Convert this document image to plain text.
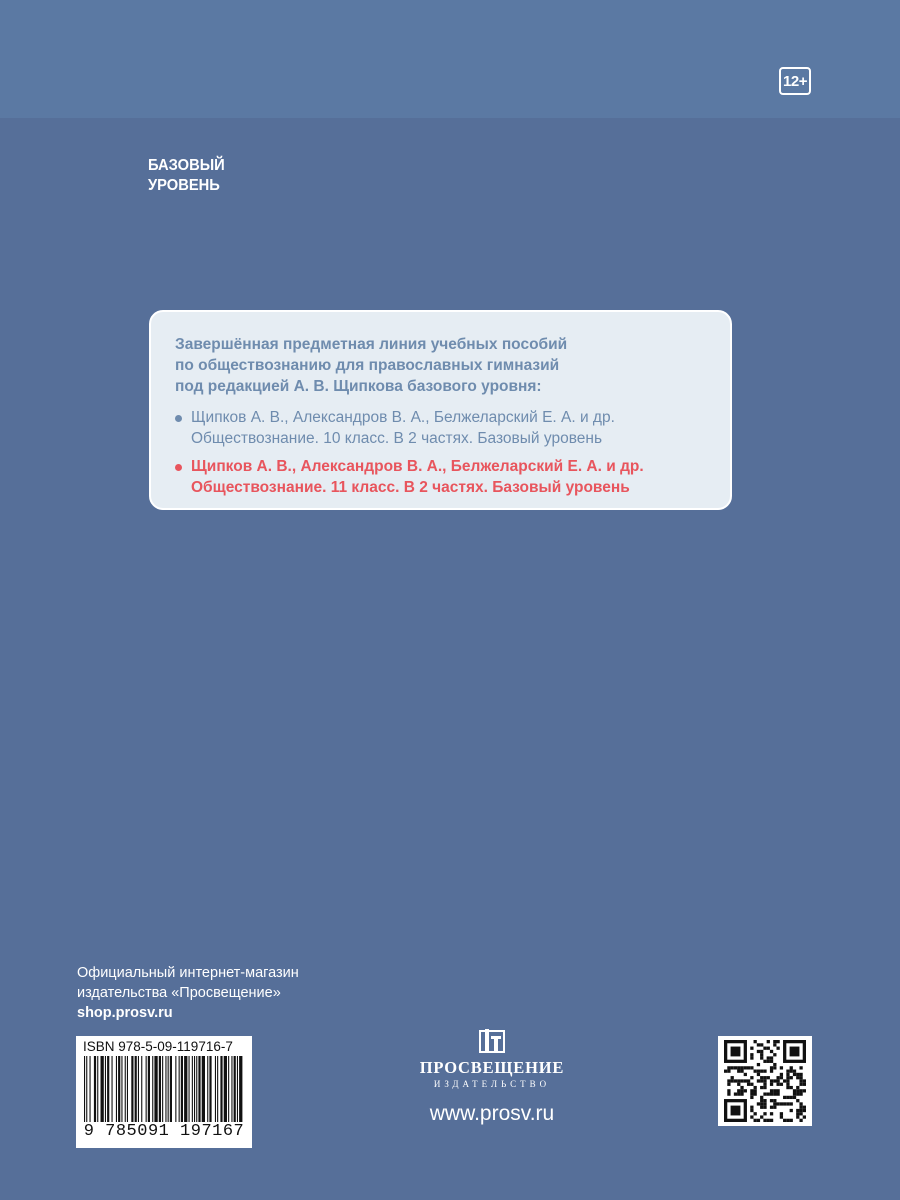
12+
БАЗОВЫЙ
УРОВЕНЬ
Завершённая предметная линия учебных пособий
по обществознанию для православных гимназий
под редакцией А. В. Щипкова базового уровня:
Щипков А. В., Александров В. А., Белжеларский Е. А. и др.
Обществознание. 10 класс. В 2 частях. Базовый уровень
Щипков А. В., Александров В. А., Белжеларский Е. А. и др.
Обществознание. 11 класс. В 2 частях. Базовый уровень
Официальный интернет-магазин
издательства «Просвещение»
shop.prosv.ru
ISBN 978-5-09-119716-7
9 785091 197167
ПРОСВЕЩЕНИЕ
ИЗДАТЕЛЬСТВО
www.prosv.ru
